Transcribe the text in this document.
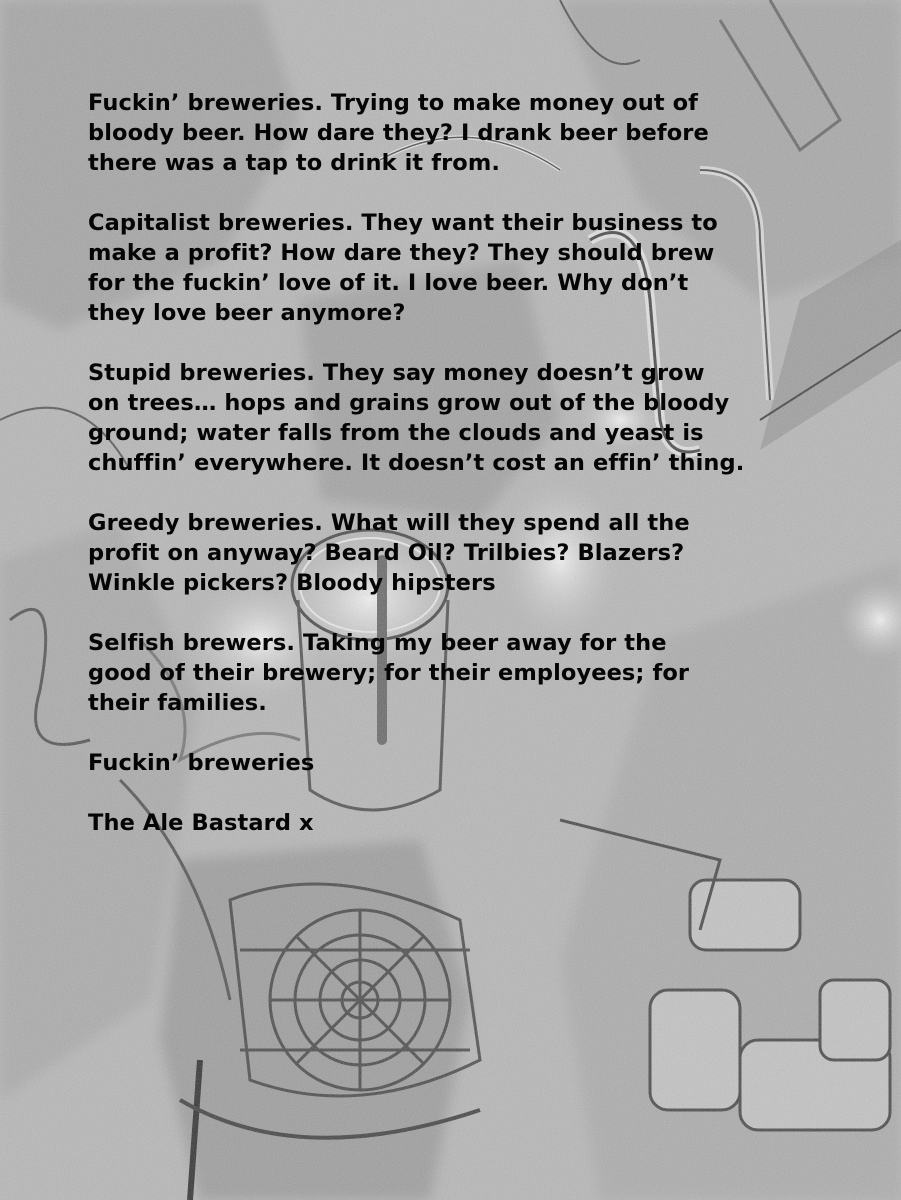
Fuckin’ breweries. Trying to make money out of
bloody beer. How dare they? I drank beer before
there was a tap to drink it from.

Capitalist breweries. They want their business to
make a profit? How dare they? They should brew
for the fuckin’ love of it. I love beer. Why don’t
they love beer anymore?

Stupid breweries. They say money doesn’t grow
on trees… hops and grains grow out of the bloody
ground; water falls from the clouds and yeast is
chuffin’ everywhere. It doesn’t cost an effin’ thing.

Greedy breweries. What will they spend all the
profit on anyway? Beard Oil? Trilbies? Blazers?
Winkle pickers? Bloody hipsters

Selfish brewers. Taking my beer away for the
good of their brewery; for their employees; for
their families.

Fuckin’ breweries

The Ale Bastard x
